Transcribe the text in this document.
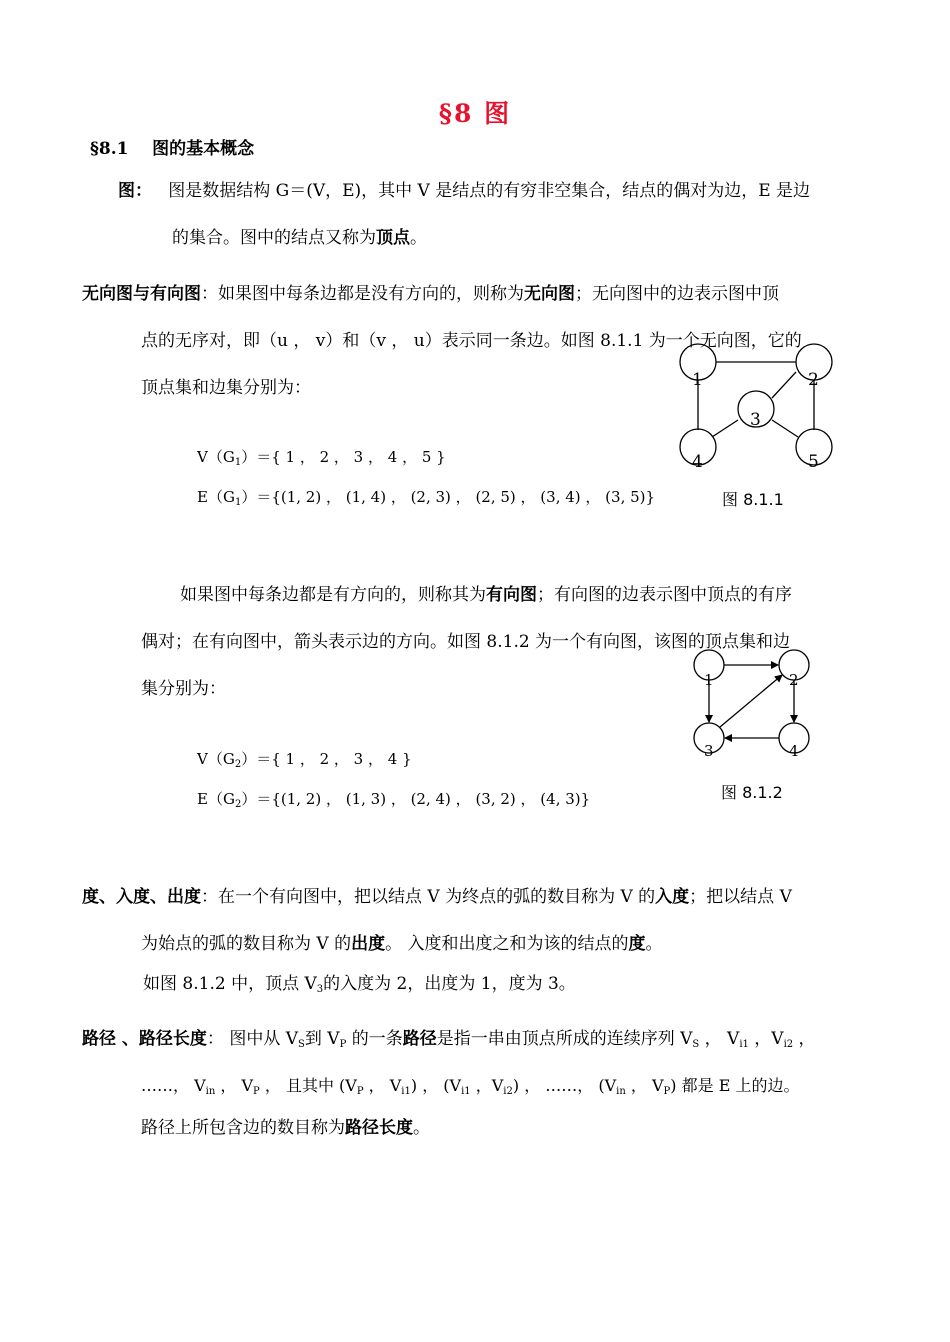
§8 图
§8.1 图的基本概念
图： 图是数据结构 G＝(V，E)，其中 V 是结点的有穷非空集合，结点的偶对为边，E 是边
的集合。图中的结点又称为顶点。
无向图与有向图：如果图中每条边都是没有方向的，则称为无向图；无向图中的边表示图中顶
点的无序对，即（u ， v）和（v ， u）表示同一条边。如图 8.1.1 为一个无向图，它的
顶点集和边集分别为：
$V(G_1)=${ 1 ， 2 ， 3 ， 4 ， 5 }
$E(G_1)=\{(1$, 2) ， (1, 4) ， (2, 3) ， (2, 5) ， (3, 4) ， (3, 5)}
1	2
3
4	5
图 8.1.1
如果图中每条边都是有方向的，则称其为有向图；有向图的边表示图中顶点的有序
偶对；在有向图中，箭头表示边的方向。如图 8.1.2 为一个有向图，该图的顶点集和边
集分别为：
$V(G_2)=${ 1 ， 2 ， 3 ， 4 }
$E(G_2)=\{(1$, 2) ， (1, 3) ， (2, 4) ， (3, 2) ， (4, 3)}
1	2
3	4
图 8.1.2
度、入度、出度：在一个有向图中，把以结点 V 为终点的弧的数目称为 V 的入度；把以结点 V
为始点的弧的数目称为 V 的出度。 入度和出度之和为该的结点的度。
如图 8.1.2 中，顶点 $V_3$的入度为 2，出度为 1，度为 3。
路径 、路径长度： 图中从 $V_S$到 $V_P$ 的一条路径是指一串由顶点所成的连续序列 $V_S$ ， $V_{i1}$ ，$V_{i2}$ ，
……， $V_{in}$ ， $V_P$ ， 且其中 ($V_P$ ， $V_{i1}$) ， ($V_{i1}$ ，$V_{i2}$) ， ……， ($V_{in}$ ， $V_P$) 都是 E 上的边。
路径上所包含边的数目称为路径长度。
